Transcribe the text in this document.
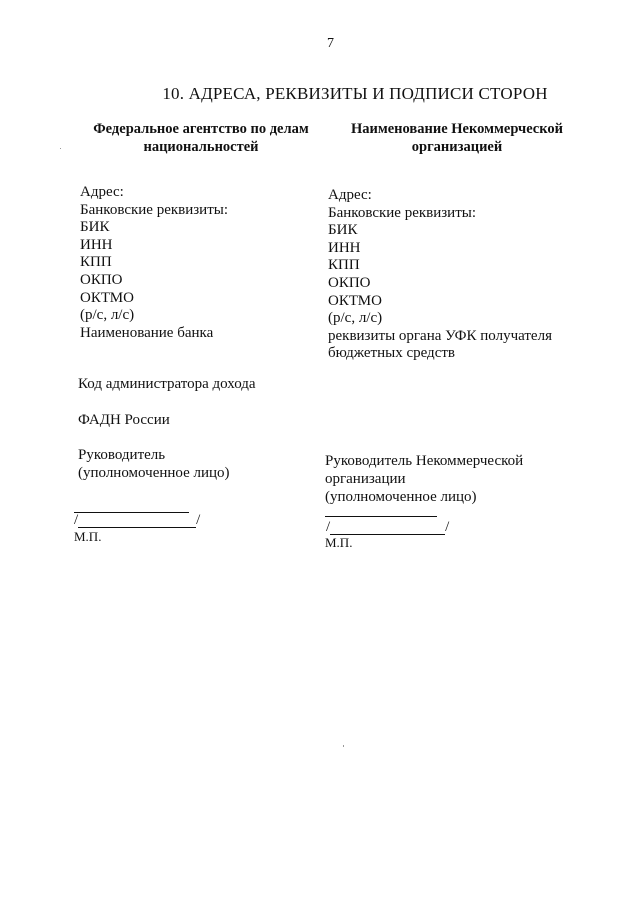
7
10. АДРЕСА, РЕКВИЗИТЫ И ПОДПИСИ СТОРОН
Федеральное агентство по делам
национальностей
Наименование Некоммерческой
организацией
Адрес:
Банковские реквизиты:
БИК
ИНН
КПП
ОКПО
ОКТМО
(р/с, л/с)
Наименование банка
Адрес:
Банковские реквизиты:
БИК
ИНН
КПП
ОКПО
ОКТМО
(р/с, л/с)
реквизиты органа УФК получателя
бюджетных средств
Код администратора дохода
ФАДН России
Руководитель
(уполномоченное лицо)
Руководитель Некоммерческой
организации
(уполномоченное лицо)
/	/
М.П.
/	/
М.П.
